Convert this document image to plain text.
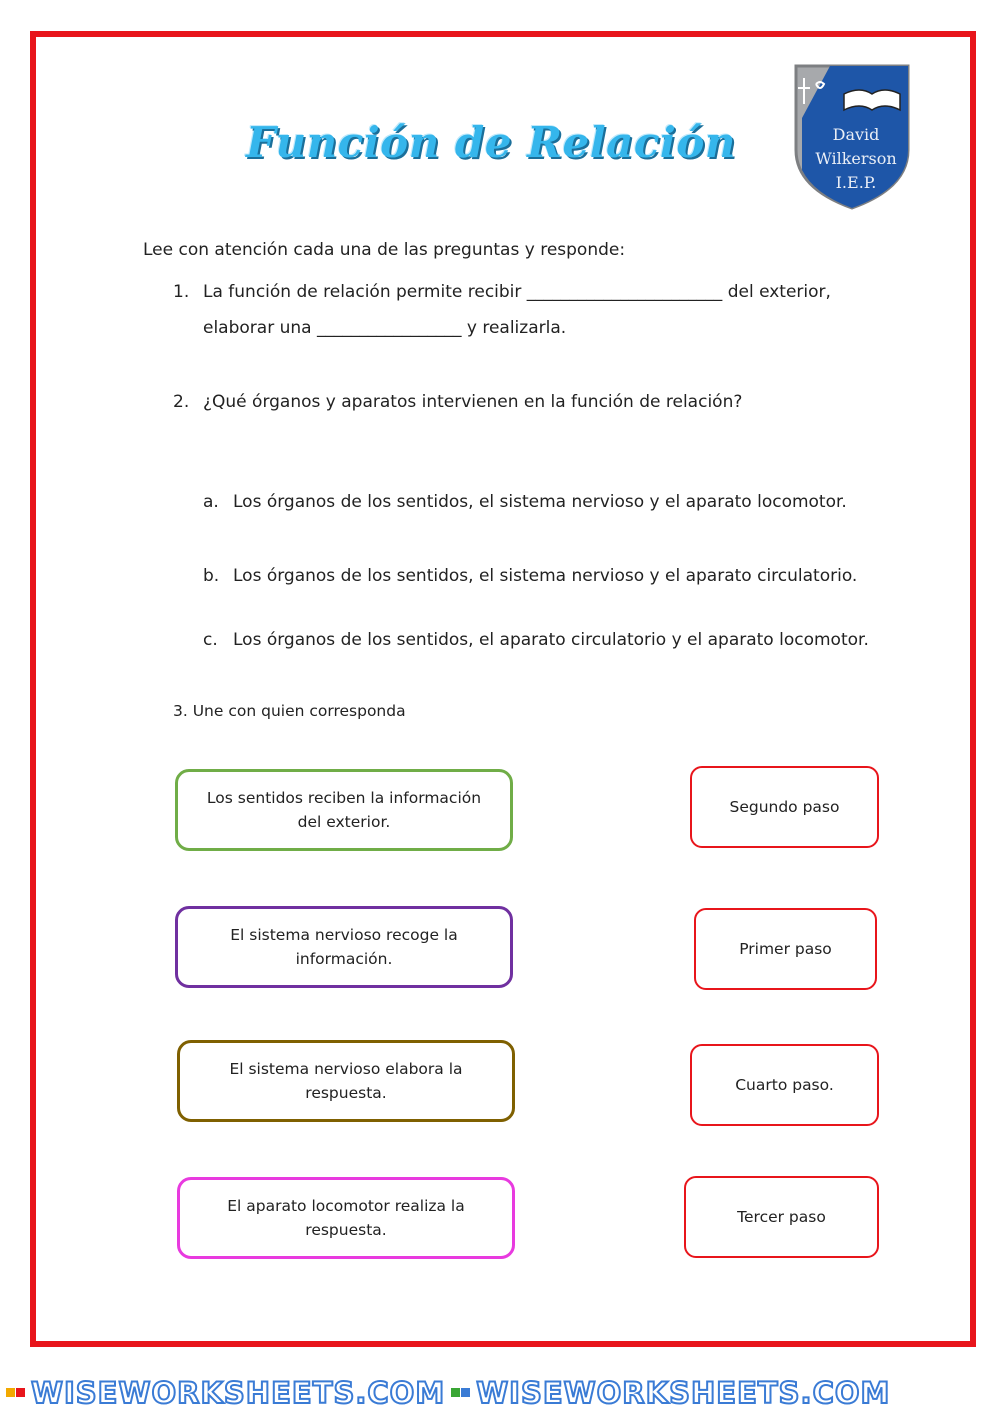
Función de Relación	David
Wilkerson
I.E.P.
Lee con atención cada una de las preguntas y responde:
1. La función de relación permite recibir _______________________ del exterior,
elaborar una _________________ y realizarla.
2. ¿Qué órganos y aparatos intervienen en la función de relación?
a. Los órganos de los sentidos, el sistema nervioso y el aparato locomotor.
b. Los órganos de los sentidos, el sistema nervioso y el aparato circulatorio.
c. Los órganos de los sentidos, el aparato circulatorio y el aparato locomotor.
3. Une con quien corresponda
Los sentidos reciben la información del exterior.
El sistema nervioso recoge la información.
El sistema nervioso elabora la respuesta.
El aparato locomotor realiza la respuesta.
Segundo paso
Primer paso
Cuarto paso.
Tercer paso
WISEWORKSHEETS.COM WISEWORKSHEETS.COM
